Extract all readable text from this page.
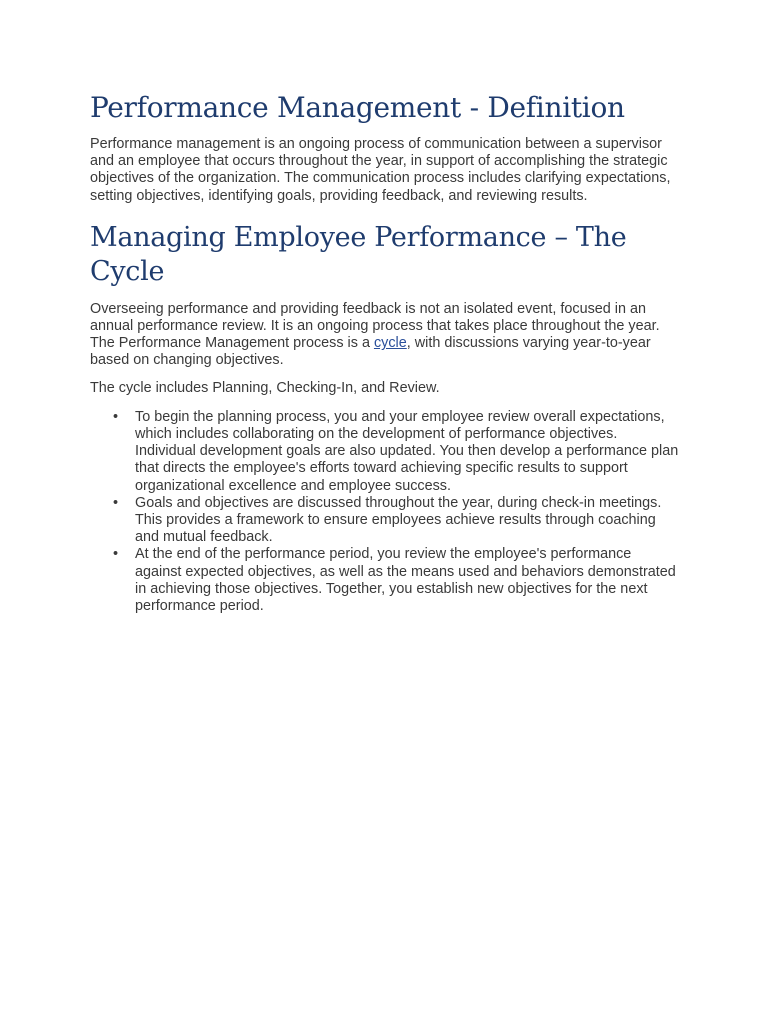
Performance Management - Definition

Performance management is an ongoing process of communication between a supervisor and an employee that occurs throughout the year, in support of accomplishing the strategic objectives of the organization. The communication process includes clarifying expectations, setting objectives, identifying goals, providing feedback, and reviewing results.

Managing Employee Performance – The Cycle

Overseeing performance and providing feedback is not an isolated event, focused in an annual performance review. It is an ongoing process that takes place throughout the year. The Performance Management process is a cycle, with discussions varying year-to-year based on changing objectives.

The cycle includes Planning, Checking-In, and Review.

• To begin the planning process, you and your employee review overall expectations, which includes collaborating on the development of performance objectives. Individual development goals are also updated. You then develop a performance plan that directs the employee's efforts toward achieving specific results to support organizational excellence and employee success.
• Goals and objectives are discussed throughout the year, during check-in meetings. This provides a framework to ensure employees achieve results through coaching and mutual feedback.
• At the end of the performance period, you review the employee's performance against expected objectives, as well as the means used and behaviors demonstrated in achieving those objectives. Together, you establish new objectives for the next performance period.
